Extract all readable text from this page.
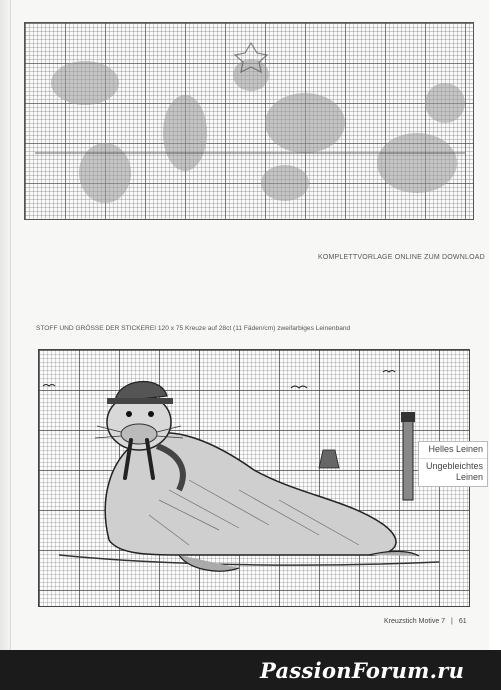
KOMPLETTVORLAGE ONLINE ZUM DOWNLOAD
STOFF UND GRÖSSE DER STICKEREI 120 x 75 Kreuze auf 28ct (11 Fäden/cm) zweifarbiges Leinenband
Helles Leinen
Ungebleichtes Leinen
Kreuzstich Motive 7 | 61
PassionForum.ru
